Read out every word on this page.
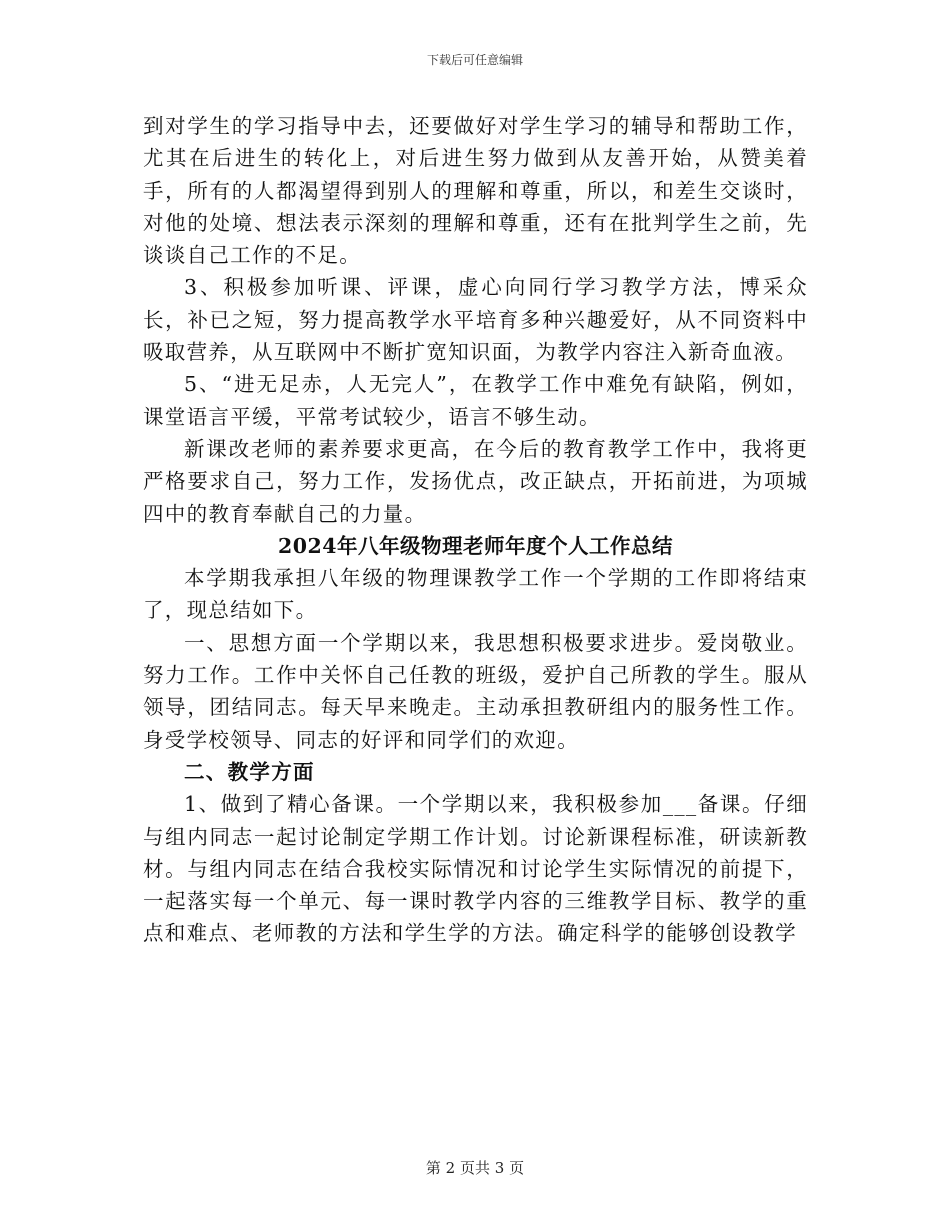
下载后可任意编辑

到对学生的学习指导中去，还要做好对学生学习的辅导和帮助工作，尤其在后进生的转化上，对后进生努力做到从友善开始，从赞美着手，所有的人都渴望得到别人的理解和尊重，所以，和差生交谈时，对他的处境、想法表示深刻的理解和尊重，还有在批判学生之前，先谈谈自己工作的不足。

3、积极参加听课、评课，虚心向同行学习教学方法，博采众长，补已之短，努力提高教学水平培育多种兴趣爱好，从不同资料中吸取营养，从互联网中不断扩宽知识面，为教学内容注入新奇血液。

5、“进无足赤，人无完人”，在教学工作中难免有缺陷，例如，课堂语言平缓，平常考试较少，语言不够生动。

新课改老师的素养要求更高，在今后的教育教学工作中，我将更严格要求自己，努力工作，发扬优点，改正缺点，开拓前进，为项城四中的教育奉献自己的力量。

2024年八年级物理老师年度个人工作总结

本学期我承担八年级的物理课教学工作一个学期的工作即将结束了，现总结如下。

一、思想方面一个学期以来，我思想积极要求进步。爱岗敬业。努力工作。工作中关怀自己任教的班级，爱护自己所教的学生。服从领导，团结同志。每天早来晚走。主动承担教研组内的服务性工作。身受学校领导、同志的好评和同学们的欢迎。

二、教学方面

1、做到了精心备课。一个学期以来，我积极参加___备课。仔细与组内同志一起讨论制定学期工作计划。讨论新课程标准，研读新教材。与组内同志在结合我校实际情况和讨论学生实际情况的前提下，一起落实每一个单元、每一课时教学内容的三维教学目标、教学的重点和难点、老师教的方法和学生学的方法。确定科学的能够创设教学

第 2 页共 3 页
